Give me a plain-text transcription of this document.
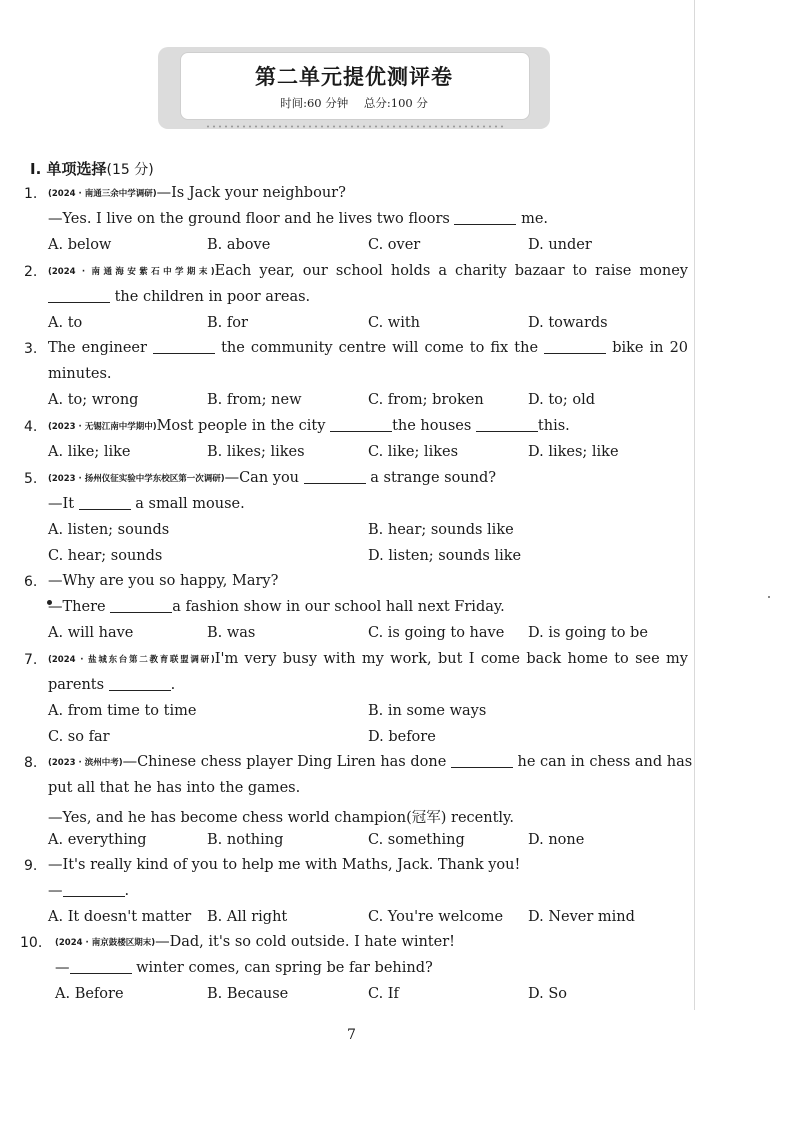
第二单元提优测评卷
时间:60 分钟 总分:100 分
Ⅰ. 单项选择(15 分)
1. (2024 · 南通三余中学调研)—Is Jack your neighbour?
—Yes. I live on the ground floor and he lives two floors	me.
A. below	B. above	C. over	D. under
2. (2024 · 南通海安紫石中学期末)Each year, our school holds a charity bazaar to raise money
the children in poor areas.
A. to	B. for	C. with	D. towards
3. The engineer	the community centre will come to fix the	bike in 20
minutes.
A. to; wrong	B. from; new	C. from; broken	D. to; old
4. (2023 · 无锡江南中学期中)Most people in the city	the houses	this.
A. like; like	B. likes; likes	C. like; likes	D. likes; like
5. (2023 · 扬州仪征实验中学东校区第一次调研)—Can you	a strange sound?
—It	a small mouse.
A. listen; sounds	B. hear; sounds like
C. hear; sounds	D. listen; sounds like
6. —Why are you so happy, Mary?
—There	a fashion show in our school hall next Friday.
A. will have	B. was	C. is going to have D. is going to be
7. (2024 · 盐城东台第二教育联盟调研)I'm very busy with my work, but I come back home to see my
parents	.
A. from time to time	B. in some ways
C. so far	D. before
8. (2023 · 滨州中考)—Chinese chess player Ding Liren has done	he can in chess and has
put all that he has into the games.
—Yes, and he has become chess world champion(冠军) recently.
A. everything	B. nothing	C. something	D. none
9. —It's really kind of you to help me with Maths, Jack. Thank you!
—	.
A. It doesn't matter B. All right	C. You're welcome D. Never mind
10. (2024 · 南京鼓楼区期末)—Dad, it's so cold outside. I hate winter!
—	winter comes, can spring be far behind?
A. Before	B. Because	C. If	D. So
7
